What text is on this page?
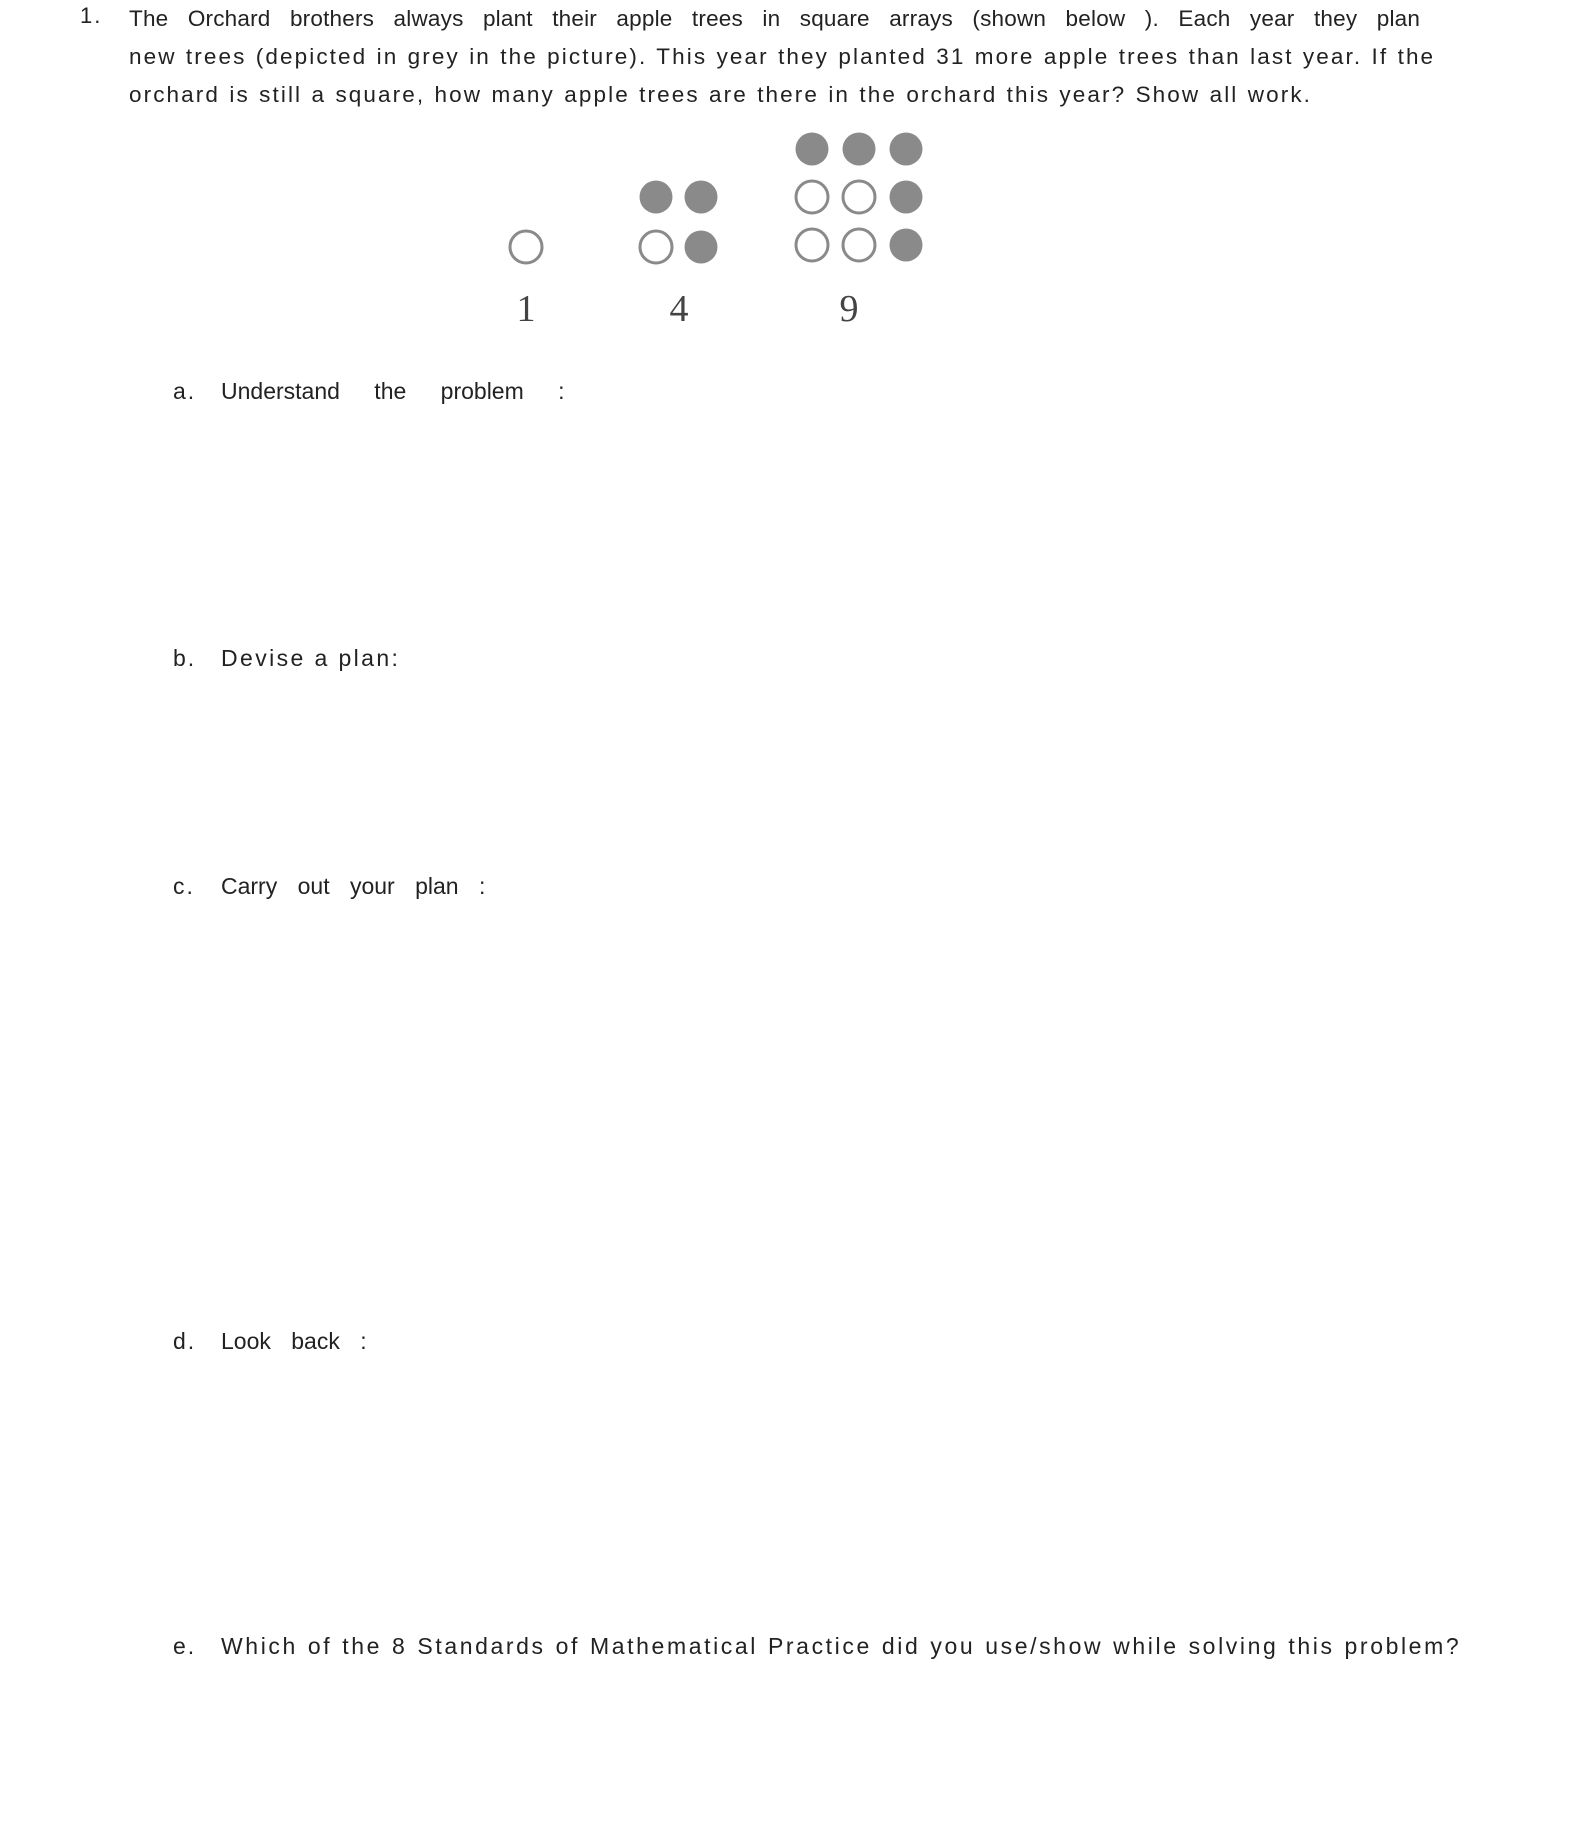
1. The Orchard brothers always plant their apple trees in square arrays (shown below ). Each year they plan
new trees (depicted in grey in the picture). This year they planted 31 more apple trees than last year. If the
orchard is still a square, how many apple trees are there in the orchard this year? Show all work.
1	4	9
a. Understand the problem :
b. Devise a plan:
c. Carry out your plan :
d. Look back :
e. Which of the 8 Standards of Mathematical Practice did you use/show while solving this problem?
